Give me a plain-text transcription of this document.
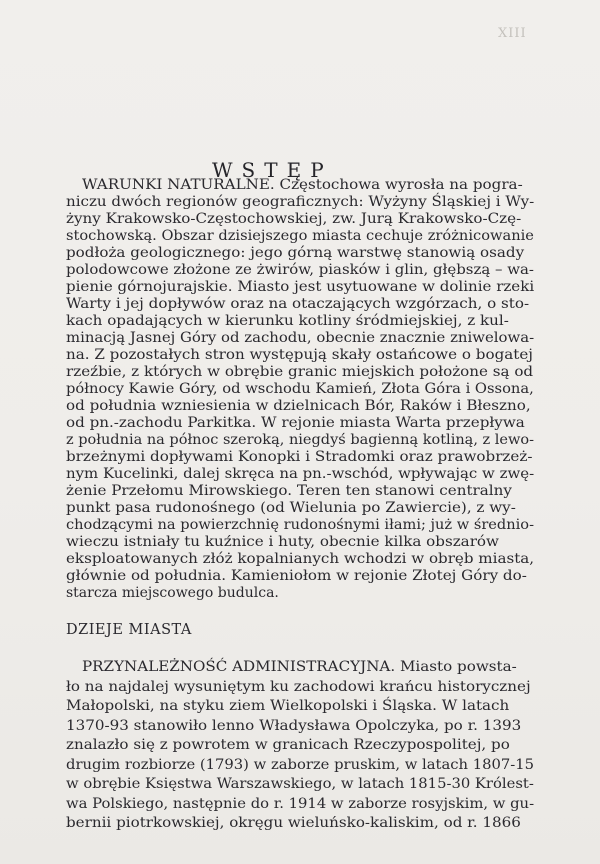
XIII
WSTĘP
DZIEJE MIASTA
WARUNKI NATURALNE. Częstochowa wyrosła na pogra-
niczu dwóch regionów geograficznych: Wyżyny Śląskiej i Wy-
żyny Krakowsko-Częstochowskiej, zw. Jurą Krakowsko-Czę-
stochowską. Obszar dzisiejszego miasta cechuje zróżnicowanie
podłoża geologicznego: jego górną warstwę stanowią osady
polodowcowe złożone ze żwirów, piasków i glin, głębszą – wa-
pienie górnojurajskie. Miasto jest usytuowane w dolinie rzeki
Warty i jej dopływów oraz na otaczających wzgórzach, o sto-
kach opadających w kierunku kotliny śródmiejskiej, z kul-
minacją Jasnej Góry od zachodu, obecnie znacznie zniwelowa-
na. Z pozostałych stron występują skały ostańcowe o bogatej
rzeźbie, z których w obrębie granic miejskich położone są od
północy Kawie Góry, od wschodu Kamień, Złota Góra i Ossona,
od południa wzniesienia w dzielnicach Bór, Raków i Błeszno,
od pn.-zachodu Parkitka. W rejonie miasta Warta przepływa
z południa na północ szeroką, niegdyś bagienną kotliną, z lewo-
brzeżnymi dopływami Konopki i Stradomki oraz prawobrzeż-
nym Kucelinki, dalej skręca na pn.-wschód, wpływając w zwę-
żenie Przełomu Mirowskiego. Teren ten stanowi centralny
punkt pasa rudonośnego (od Wielunia po Zawiercie), z wy-
chodzącymi na powierzchnię rudonośnymi iłami; już w średnio-
wieczu istniały tu kuźnice i huty, obecnie kilka obszarów
eksploatowanych złóż kopalnianych wchodzi w obręb miasta,
głównie od południa. Kamieniołom w rejonie Złotej Góry do-
starcza miejscowego budulca.
PRZYNALEŻNOŚĆ ADMINISTRACYJNA. Miasto powsta-
ło na najdalej wysuniętym ku zachodowi krańcu historycznej
Małopolski, na styku ziem Wielkopolski i Śląska. W latach
1370-93 stanowiło lenno Władysława Opolczyka, po r. 1393
znalazło się z powrotem w granicach Rzeczypospolitej, po
drugim rozbiorze (1793) w zaborze pruskim, w latach 1807-15
w obrębie Księstwa Warszawskiego, w latach 1815-30 Królest-
wa Polskiego, następnie do r. 1914 w zaborze rosyjskim, w gu-
bernii piotrkowskiej, okręgu wieluńsko-kaliskim, od r. 1866
